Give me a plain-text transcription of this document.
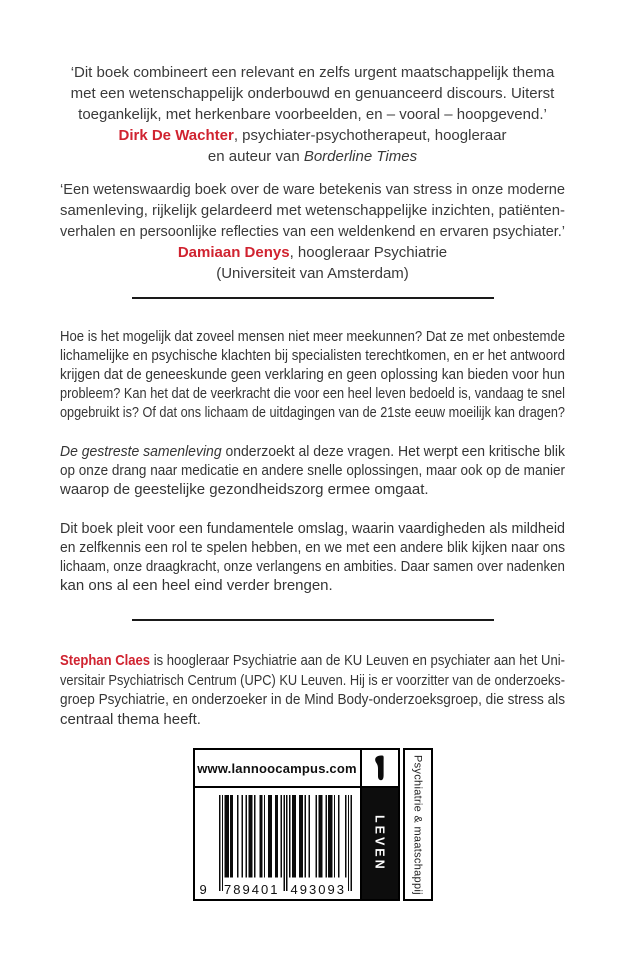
‘Dit boek combineert een relevant en zelfs urgent maatschappelijk thema
met een wetenschappelijk onderbouwd en genuanceerd discours. Uiterst
toegankelijk, met herkenbare voorbeelden, en – vooral – hoopgevend.’
Dirk De Wachter, psychiater-psychotherapeut, hoogleraar
en auteur van Borderline Times
‘Een wetenswaardig boek over de ware betekenis van stress in onze moderne
samenleving, rijkelijk gelardeerd met wetenschappelijke inzichten, patiënten-
verhalen en persoonlijke reflecties van een weldenkend en ervaren psychiater.’
Damiaan Denys, hoogleraar Psychiatrie
(Universiteit van Amsterdam)
Hoe is het mogelijk dat zoveel mensen niet meer meekunnen? Dat ze met onbestemde
lichamelijke en psychische klachten bij specialisten terechtkomen, en er het antwoord
krijgen dat de geneeskunde geen verklaring en geen oplossing kan bieden voor hun
probleem? Kan het dat de veerkracht die voor een heel leven bedoeld is, vandaag te snel
opgebruikt is? Of dat ons lichaam de uitdagingen van de 21ste eeuw moeilijk kan dragen?
De gestreste samenleving onderzoekt al deze vragen. Het werpt een kritische blik
op onze drang naar medicatie en andere snelle oplossingen, maar ook op de manier
waarop de geestelijke gezondheidszorg ermee omgaat.
Dit boek pleit voor een fundamentele omslag, waarin vaardigheden als mildheid
en zelfkennis een rol te spelen hebben, en we met een andere blik kijken naar ons
lichaam, onze draagkracht, onze verlangens en ambities. Daar samen over nadenken
kan ons al een heel eind verder brengen.
Stephan Claes is hoogleraar Psychiatrie aan de KU Leuven en psychiater aan het Uni-
versitair Psychiatrisch Centrum (UPC) KU Leuven. Hij is er voorzitter van de onderzoeks-
groep Psychiatrie, en onderzoeker in de Mind Body-onderzoeksgroep, die stress als
centraal thema heeft.
www.lannoocampus.com
9 789401 493093
LEVEN Psychiatrie & maatschappij
